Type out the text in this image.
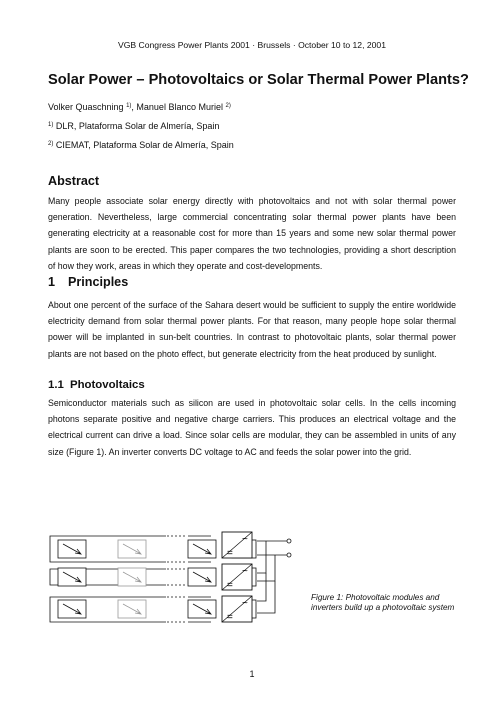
VGB Congress Power Plants 2001 · Brussels · October 10 to 12, 2001
Solar Power – Photovoltaics or Solar Thermal Power Plants?
Volker Quaschning $^{1)}$, Manuel Blanco Muriel $^{2)}$
$^{1)}$ DLR, Plataforma Solar de Almería, Spain
$^{2)}$ CIEMAT, Plataforma Solar de Almería, Spain
Abstract
Many people associate solar energy directly with photovoltaics and not with solar thermal power generation. Nevertheless, large commercial concentrating solar thermal power plants have been generating electricity at a reasonable cost for more than 15 years and some new solar thermal power plants are soon to be erected. This paper compares the two technologies, providing a short description of how they work, areas in which they operate and cost-developments.
1 Principles
About one percent of the surface of the Sahara desert would be sufficient to supply the entire worldwide electricity demand from solar thermal power plants. For that reason, many people hope solar thermal power will be implanted in sun-belt countries. In contrast to photovoltaic plants, solar thermal power plants are not based on the photo effect, but generate electricity from the heat produced by sunlight.
1.1 Photovoltaics
Semiconductor materials such as silicon are used in photovoltaic solar cells. In the cells incoming photons separate positive and negative charge carriers. This produces an electrical voltage and the electrical current can drive a load. Since solar cells are modular, they can be assembled in units of any size (Figure 1). An inverter converts DC voltage to AC and feeds the solar power into the grid.
~
=
~
=
~
=
Figure 1: Photovoltaic modules and inverters build up a photovoltaic system
1
